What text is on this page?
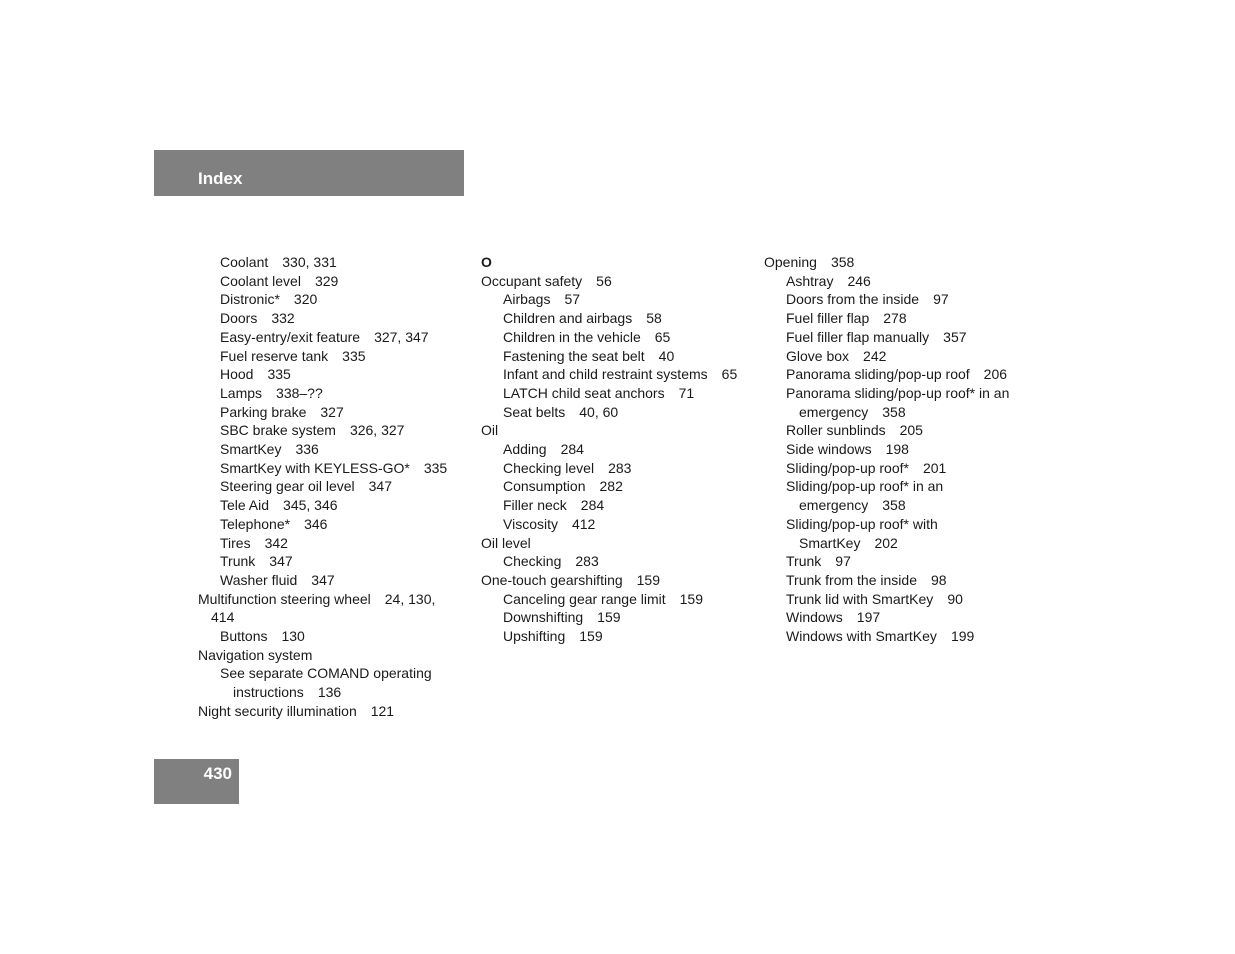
Index
Coolant 330, 331
Coolant level 329
Distronic* 320
Doors 332
Easy-entry/exit feature 327, 347
Fuel reserve tank 335
Hood 335
Lamps 338–??
Parking brake 327
SBC brake system 326, 327
SmartKey 336
SmartKey with KEYLESS-GO* 335
Steering gear oil level 347
Tele Aid 345, 346
Telephone* 346
Tires 342
Trunk 347
Washer fluid 347
Multifunction steering wheel 24, 130,
414
Buttons 130
Navigation system
See separate COMAND operating
instructions 136
Night security illumination 121
O
Occupant safety 56
Airbags 57
Children and airbags 58
Children in the vehicle 65
Fastening the seat belt 40
Infant and child restraint systems 65
LATCH child seat anchors 71
Seat belts 40, 60
Oil
Adding 284
Checking level 283
Consumption 282
Filler neck 284
Viscosity 412
Oil level
Checking 283
One-touch gearshifting 159
Canceling gear range limit 159
Downshifting 159
Upshifting 159
Opening 358
Ashtray 246
Doors from the inside 97
Fuel filler flap 278
Fuel filler flap manually 357
Glove box 242
Panorama sliding/pop-up roof 206
Panorama sliding/pop-up roof* in an
emergency 358
Roller sunblinds 205
Side windows 198
Sliding/pop-up roof* 201
Sliding/pop-up roof* in an
emergency 358
Sliding/pop-up roof* with
SmartKey 202
Trunk 97
Trunk from the inside 98
Trunk lid with SmartKey 90
Windows 197
Windows with SmartKey 199
430
